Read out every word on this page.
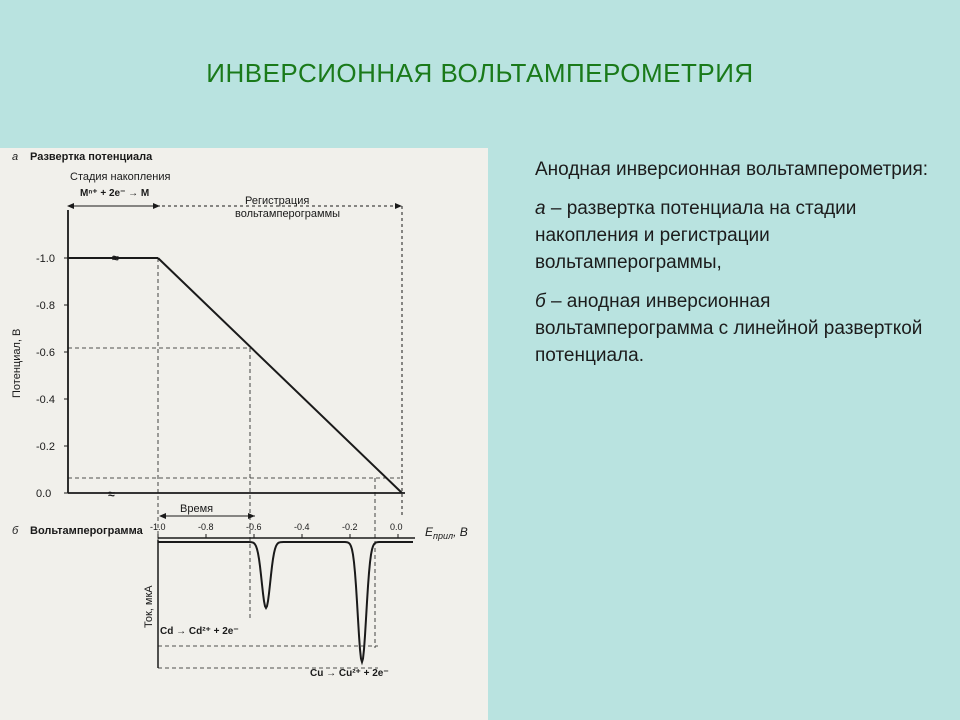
ИНВЕРСИОННАЯ ВОЛЬТАМПЕРОМЕТРИЯ
а Развертка потенциала
Стадия накопления
Mⁿ⁺ + 2e⁻ → M
Регистрация
вольтамперограммы
Потенциал, В
-1.0
-0.8
-0.6
-0.4
-0.2
0.0
≈
≈
Время
б Вольтамперограмма -1.0	-0.8	-0.6	-0.4	-0.2	0.0 $E_{прил}$, В
Ток, мкА
Cd → Cd²⁺ + 2e⁻
Cu → Cu²⁺ + 2e⁻

Анодная инверсионная вольтамперометрия:

а – развертка потенциала на стадии накопления и регистрации вольтамперограммы,

б – анодная инверсионная вольтамперограмма с линейной разверткой потенциала.
